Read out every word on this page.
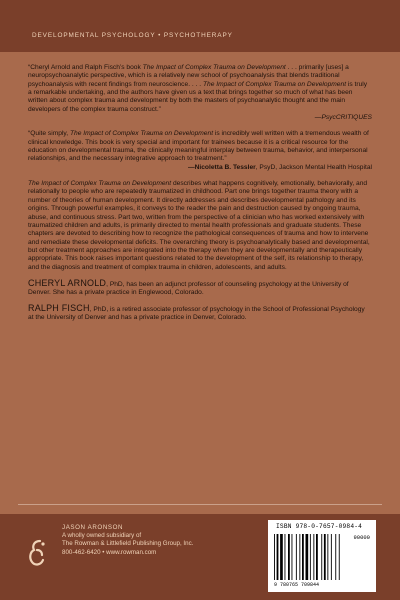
DEVELOPMENTAL PSYCHOLOGY • PSYCHOTHERAPY
“Cheryl Arnold and Ralph Fisch’s book The Impact of Complex Trauma on Development . . . primarily [uses] a neuropsychoanalytic perspective, which is a relatively new school of psychoanalysis that blends traditional psychoanalysis with recent findings from neuroscience. . . . The Impact of Complex Trauma on Development is truly a remarkable undertaking, and the authors have given us a text that brings together so much of what has been written about complex trauma and development by both the masters of psychoanalytic thought and the main developers of the complex trauma construct.”
—PsycCRITIQUES
“Quite simply, The Impact of Complex Trauma on Development is incredibly well written with a tremendous wealth of clinical knowledge. This book is very special and important for trainees because it is a critical resource for the education on developmental trauma, the clinically meaningful interplay between trauma, behavior, and interpersonal relationships, and the necessary integrative approach to treatment.”
—Nicoletta B. Tessler, PsyD, Jackson Mental Health Hospital
The Impact of Complex Trauma on Development describes what happens cognitively, emotionally, behaviorally, and relationally to people who are repeatedly traumatized in childhood. Part one brings together trauma theory with a number of theories of human development. It directly addresses and describes developmental pathology and its origins. Through powerful examples, it conveys to the reader the pain and destruction caused by ongoing trauma, abuse, and continuous stress. Part two, written from the perspective of a clinician who has worked extensively with traumatized children and adults, is primarily directed to mental health professionals and graduate students. These chapters are devoted to describing how to recognize the pathological consequences of trauma and how to intervene and remediate these developmental deficits. The overarching theory is psychoanalytically based and developmental, but other treatment approaches are integrated into the therapy when they are developmentally and therapeutically appropriate. This book raises important questions related to the development of the self, its relationship to therapy, and the diagnosis and treatment of complex trauma in children, adolescents, and adults.
CHERYL ARNOLD, PhD, has been an adjunct professor of counseling psychology at the University of Denver. She has a private practice in Englewood, Colorado.
RALPH FISCH, PhD, is a retired associate professor of psychology in the School of Professional Psychology at the University of Denver and has a private practice in Denver, Colorado.
JASON ARONSON
A wholly owned subsidiary of
The Rowman & Littlefield Publishing Group, Inc.
800-462-6420 • www.rowman.com
ISBN 978-0-7657-0984-4
90000
9 780765 709844
